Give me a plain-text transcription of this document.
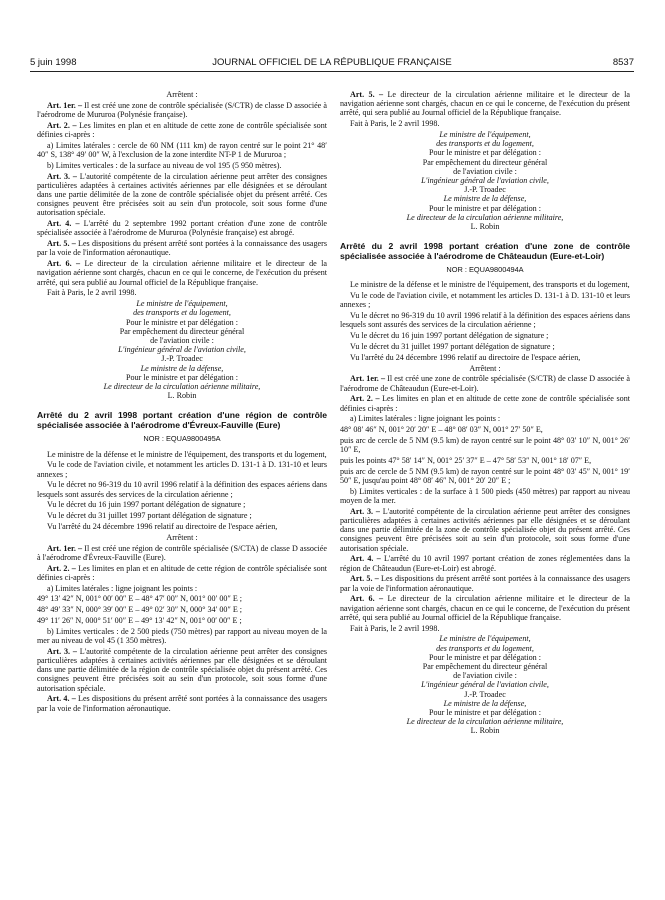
5 juin 1998	JOURNAL OFFICIEL DE LA RÉPUBLIQUE FRANÇAISE	8537

Arrêtent :

Art. 1er. – Il est créé une zone de contrôle spécialisée (S/CTR) de classe D associée à l'aérodrome de Mururoa (Polynésie française).

Art. 2. – Les limites en plan et en altitude de cette zone de contrôle spécialisée sont définies ci-après :

a) Limites latérales : cercle de 60 NM (111 km) de rayon centré sur le point 21° 48′ 40″ S, 138° 49′ 00″ W, à l'exclusion de la zone interdite NT-P 1 de Mururoa ;

b) Limites verticales : de la surface au niveau de vol 195 (5 950 mètres).

Art. 3. – L'autorité compétente de la circulation aérienne peut arrêter des consignes particulières adaptées à certaines activités aériennes par elle désignées et se déroulant dans une partie délimitée de la zone de contrôle spécialisée objet du présent arrêté. Ces consignes peuvent être précisées soit au sein d'un protocole, soit sous forme d'une autorisation spéciale.

Art. 4. – L'arrêté du 2 septembre 1992 portant création d'une zone de contrôle spécialisée associée à l'aérodrome de Mururoa (Polynésie française) est abrogé.

Art. 5. – Les dispositions du présent arrêté sont portées à la connaissance des usagers par la voie de l'information aéronautique.

Art. 6. – Le directeur de la circulation aérienne militaire et le directeur de la navigation aérienne sont chargés, chacun en ce qui le concerne, de l'exécution du présent arrêté, qui sera publié au Journal officiel de la République française.

Fait à Paris, le 2 avril 1998.

Le ministre de l'équipement,

des transports et du logement,

Pour le ministre et par délégation :

Par empêchement du directeur général

de l'aviation civile :

L'ingénieur général de l'aviation civile,

J.-P. Troadec

Le ministre de la défense,

Pour le ministre et par délégation :

Le directeur de la circulation aérienne militaire,

L. Robin

Arrêté du 2 avril 1998 portant création d'une région de contrôle spécialisée associée à l'aérodrome d'Évreux-Fauville (Eure)
NOR : EQUA9800495A

Le ministre de la défense et le ministre de l'équipement, des transports et du logement,

Vu le code de l'aviation civile, et notamment les articles D. 131-1 à D. 131-10 et leurs annexes ;

Vu le décret no 96-319 du 10 avril 1996 relatif à la définition des espaces aériens dans lesquels sont assurés des services de la circulation aérienne ;

Vu le décret du 16 juin 1997 portant délégation de signature ;

Vu le décret du 31 juillet 1997 portant délégation de signature ;

Vu l'arrêté du 24 décembre 1996 relatif au directoire de l'espace aérien,

Arrêtent :

Art. 1er. – Il est créé une région de contrôle spécialisée (S/CTA) de classe D associée à l'aérodrome d'Évreux-Fauville (Eure).

Art. 2. – Les limites en plan et en altitude de cette région de contrôle spécialisée sont définies ci-après :

a) Limites latérales : ligne joignant les points :

49° 13′ 42″ N, 001° 00′ 00″ E – 48° 47′ 00″ N, 001° 00′ 00″ E ;

48° 49′ 33″ N, 000° 39′ 00″ E – 49° 02′ 30″ N, 000° 34′ 00″ E ;

49° 11′ 26″ N, 000° 51′ 00″ E – 49° 13′ 42″ N, 001° 00′ 00″ E ;

b) Limites verticales : de 2 500 pieds (750 mètres) par rapport au niveau moyen de la mer au niveau de vol 45 (1 350 mètres).

Art. 3. – L'autorité compétente de la circulation aérienne peut arrêter des consignes particulières adaptées à certaines activités aériennes par elle désignées et se déroulant dans une partie délimitée de la région de contrôle spécialisée objet du présent arrêté. Ces consignes peuvent être précisées soit au sein d'un protocole, soit sous forme d'une autorisation spéciale.

Art. 4. – Les dispositions du présent arrêté sont portées à la connaissance des usagers par la voie de l'information aéronautique.

Art. 5. – Le directeur de la circulation aérienne militaire et le directeur de la navigation aérienne sont chargés, chacun en ce qui le concerne, de l'exécution du présent arrêté, qui sera publié au Journal officiel de la République française.

Fait à Paris, le 2 avril 1998.

Le ministre de l'équipement,

des transports et du logement,

Pour le ministre et par délégation :

Par empêchement du directeur général

de l'aviation civile :

L'ingénieur général de l'aviation civile,

J.-P. Troadec

Le ministre de la défense,

Pour le ministre et par délégation :

Le directeur de la circulation aérienne militaire,

L. Robin

Arrêté du 2 avril 1998 portant création d'une zone de contrôle spécialisée associée à l'aérodrome de Châteaudun (Eure-et-Loir)
NOR : EQUA9800494A

Le ministre de la défense et le ministre de l'équipement, des transports et du logement,

Vu le code de l'aviation civile, et notamment les articles D. 131-1 à D. 131-10 et leurs annexes ;

Vu le décret no 96-319 du 10 avril 1996 relatif à la définition des espaces aériens dans lesquels sont assurés des services de la circulation aérienne ;

Vu le décret du 16 juin 1997 portant délégation de signature ;

Vu le décret du 31 juillet 1997 portant délégation de signature ;

Vu l'arrêté du 24 décembre 1996 relatif au directoire de l'espace aérien,

Arrêtent :

Art. 1er. – Il est créé une zone de contrôle spécialisée (S/CTR) de classe D associée à l'aérodrome de Châteaudun (Eure-et-Loir).

Art. 2. – Les limites en plan et en altitude de cette zone de contrôle spécialisée sont définies ci-après :

a) Limites latérales : ligne joignant les points :

48° 08′ 46″ N, 001° 20′ 20″ E – 48° 08′ 03″ N, 001° 27′ 50″ E,

puis arc de cercle de 5 NM (9.5 km) de rayon centré sur le point 48° 03′ 10″ N, 001° 26′ 10″ E,

puis les points 47° 58′ 14″ N, 001° 25′ 37″ E – 47° 58′ 53″ N, 001° 18′ 07″ E,

puis arc de cercle de 5 NM (9.5 km) de rayon centré sur le point 48° 03′ 45″ N, 001° 19′ 50″ E, jusqu'au point 48° 08′ 46″ N, 001° 20′ 20″ E ;

b) Limites verticales : de la surface à 1 500 pieds (450 mètres) par rapport au niveau moyen de la mer.

Art. 3. – L'autorité compétente de la circulation aérienne peut arrêter des consignes particulières adaptées à certaines activités aériennes par elle désignées et se déroulant dans une partie délimitée de la zone de contrôle spécialisée objet du présent arrêté. Ces consignes peuvent être précisées soit au sein d'un protocole, soit sous forme d'une autorisation spéciale.

Art. 4. – L'arrêté du 10 avril 1997 portant création de zones réglementées dans la région de Châteaudun (Eure-et-Loir) est abrogé.

Art. 5. – Les dispositions du présent arrêté sont portées à la connaissance des usagers par la voie de l'information aéronautique.

Art. 6. – Le directeur de la circulation aérienne militaire et le directeur de la navigation aérienne sont chargés, chacun en ce qui le concerne, de l'exécution du présent arrêté, qui sera publié au Journal officiel de la République française.

Fait à Paris, le 2 avril 1998.

Le ministre de l'équipement,

des transports et du logement,

Pour le ministre et par délégation :

Par empêchement du directeur général

de l'aviation civile :

L'ingénieur général de l'aviation civile,

J.-P. Troadec

Le ministre de la défense,

Pour le ministre et par délégation :

Le directeur de la circulation aérienne militaire,

L. Robin
